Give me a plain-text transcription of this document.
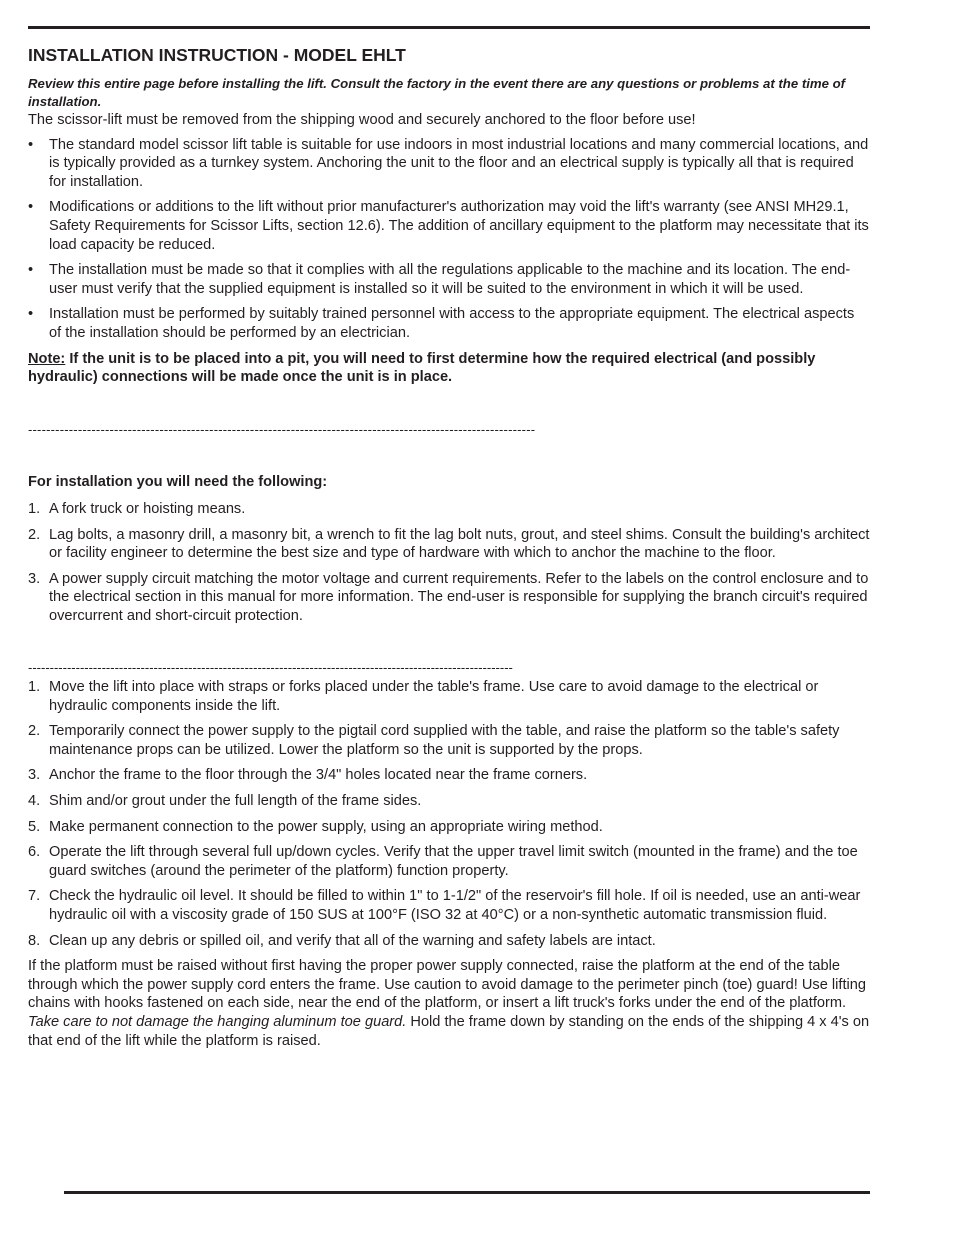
INSTALLATION INSTRUCTION - MODEL EHLT

Review this entire page before installing the lift. Consult the factory in the event there are any questions or problems at the time of installation.

The scissor-lift must be removed from the shipping wood and securely anchored to the floor before use!

• The standard model scissor lift table is suitable for use indoors in most industrial locations and many commercial locations, and is typically provided as a turnkey system. Anchoring the unit to the floor and an electrical supply is typically all that is required for installation.
• Modifications or additions to the lift without prior manufacturer's authorization may void the lift's warranty (see ANSI MH29.1, Safety Requirements for Scissor Lifts, section 12.6). The addition of ancillary equipment to the platform may necessitate that its load capacity be reduced.
• The installation must be made so that it complies with all the regulations applicable to the machine and its location. The end-user must verify that the supplied equipment is installed so it will be suited to the environment in which it will be used.
• Installation must be performed by suitably trained personnel with access to the appropriate equipment. The electrical aspects of the installation should be performed by an electrician.

Note: If the unit is to be placed into a pit, you will need to first determine how the required electrical (and possibly hydraulic) connections will be made once the unit is in place.

----------------------------------------------------------------------------------------------------------------

For installation you will need the following:

1. A fork truck or hoisting means.
2. Lag bolts, a masonry drill, a masonry bit, a wrench to fit the lag bolt nuts, grout, and steel shims. Consult the building's architect or facility engineer to determine the best size and type of hardware with which to anchor the machine to the floor.
3. A power supply circuit matching the motor voltage and current requirements. Refer to the labels on the control enclosure and to the electrical section in this manual for more information. The end-user is responsible for supplying the branch circuit's required overcurrent and short-circuit protection.
----------------------------------------------------------------------------------------------------------------
1. Move the lift into place with straps or forks placed under the table's frame. Use care to avoid damage to the electrical or hydraulic components inside the lift.
2. Temporarily connect the power supply to the pigtail cord supplied with the table, and raise the platform so the table's safety maintenance props can be utilized. Lower the platform so the unit is supported by the props.
3. Anchor the frame to the floor through the 3/4" holes located near the frame corners.
4. Shim and/or grout under the full length of the frame sides.
5. Make permanent connection to the power supply, using an appropriate wiring method.
6. Operate the lift through several full up/down cycles. Verify that the upper travel limit switch (mounted in the frame) and the toe guard switches (around the perimeter of the platform) function property.
7. Check the hydraulic oil level. It should be filled to within 1" to 1-1/2" of the reservoir's fill hole. If oil is needed, use an anti-wear hydraulic oil with a viscosity grade of 150 SUS at 100°F (ISO 32 at 40°C) or a non-synthetic automatic transmission fluid.
8. Clean up any debris or spilled oil, and verify that all of the warning and safety labels are intact.

If the platform must be raised without first having the proper power supply connected, raise the platform at the end of the table through which the power supply cord enters the frame. Use caution to avoid damage to the perimeter pinch (toe) guard! Use lifting chains with hooks fastened on each side, near the end of the platform, or insert a lift truck's forks under the end of the platform. Take care to not damage the hanging aluminum toe guard. Hold the frame down by standing on the ends of the shipping 4 x 4's on that end of the lift while the platform is raised.
